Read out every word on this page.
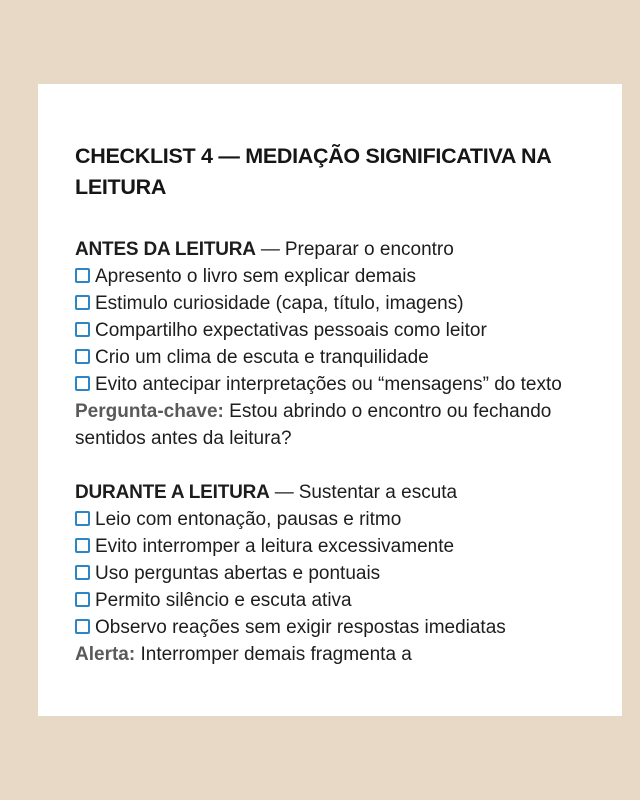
CHECKLIST 4 — MEDIAÇÃO SIGNIFICATIVA NA LEITURA
ANTES DA LEITURA — Preparar o encontro
Apresento o livro sem explicar demais
Estimulo curiosidade (capa, título, imagens)
Compartilho expectativas pessoais como leitor
Crio um clima de escuta e tranquilidade
Evito antecipar interpretações ou “mensagens” do texto
Pergunta-chave: Estou abrindo o encontro ou fechando sentidos antes da leitura?
DURANTE A LEITURA — Sustentar a escuta
Leio com entonação, pausas e ritmo
Evito interromper a leitura excessivamente
Uso perguntas abertas e pontuais
Permito silêncio e escuta ativa
Observo reações sem exigir respostas imediatas
Alerta: Interromper demais fragmenta a
